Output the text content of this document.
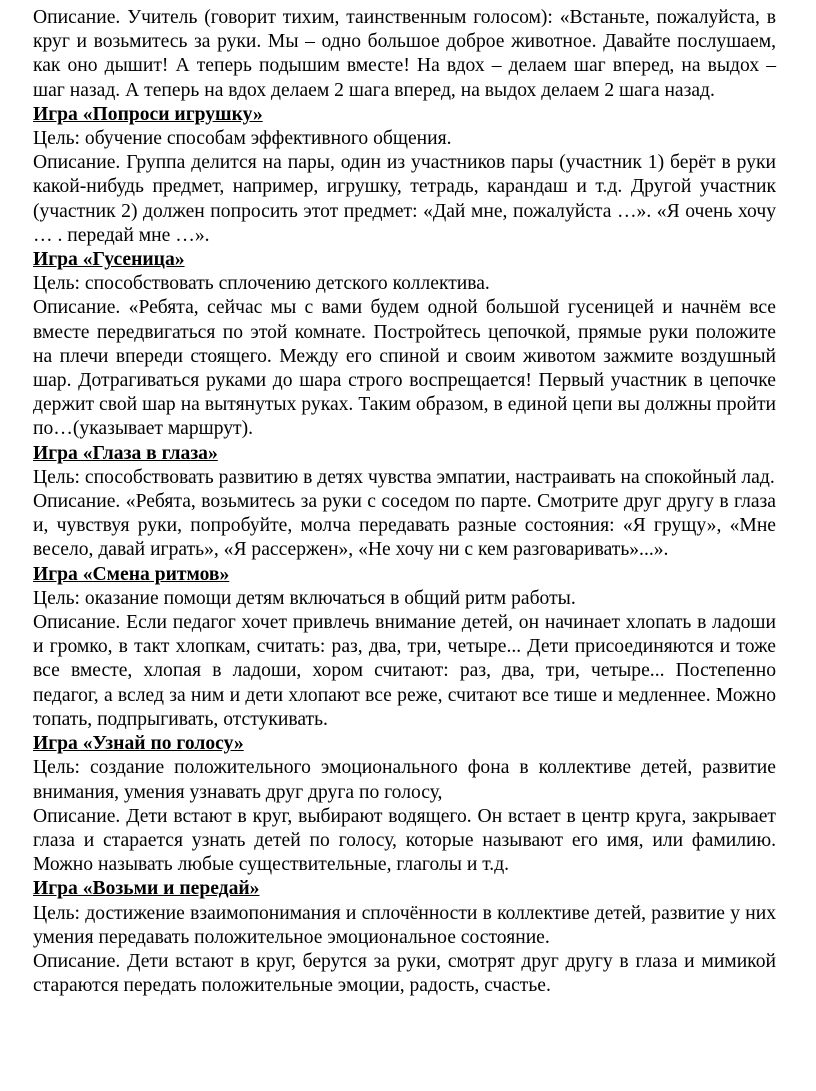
Описание. Учитель (говорит тихим, таинственным голосом): «Встаньте, пожалуйста, в круг и возьмитесь за руки. Мы – одно большое доброе животное. Давайте послушаем, как оно дышит! А теперь подышим вместе! На вдох – делаем шаг вперед, на выдох – шаг назад. А теперь на вдох делаем 2 шага вперед, на выдох делаем 2 шага назад.

Игра «Попроси игрушку»

Цель: обучение способам эффективного общения.

Описание. Группа делится на пары, один из участников пары (участник 1) берёт в руки какой-нибудь предмет, например, игрушку, тетрадь, карандаш и т.д. Другой участник (участник 2) должен попросить этот предмет: «Дай мне, пожалуйста …». «Я очень хочу … . передай мне …».

Игра «Гусеница»

Цель: способствовать сплочению детского коллектива.

Описание. «Ребята, сейчас мы с вами будем одной большой гусеницей и начнём все вместе передвигаться по этой комнате. Постройтесь цепочкой, прямые руки положите на плечи впереди стоящего. Между его спиной и своим животом зажмите воздушный шар. Дотрагиваться руками до шара строго воспрещается! Первый участник в цепочке держит свой шар на вытянутых руках. Таким образом, в единой цепи вы должны пройти по…(указывает маршрут).

Игра «Глаза в глаза»

Цель: способствовать развитию в детях чувства эмпатии, настраивать на спокойный лад.

Описание. «Ребята, возьмитесь за руки с соседом по парте. Смотрите друг другу в глаза и, чувствуя руки, попробуйте, молча передавать разные состояния: «Я грущу», «Мне весело, давай играть», «Я рассержен», «Не хочу ни с кем разговаривать»...».

Игра «Смена ритмов»

Цель: оказание помощи детям включаться в общий ритм работы.

Описание. Если педагог хочет привлечь внимание детей, он начинает хлопать в ладоши и громко, в такт хлопкам, считать: раз, два, три, четыре... Дети присоединяются и тоже все вместе, хлопая в ладоши, хором считают: раз, два, три, четыре... Постепенно педагог, а вслед за ним и дети хлопают все реже, считают все тише и медленнее. Можно топать, подпрыгивать, отстукивать.

Игра «Узнай по голосу»

Цель: создание положительного эмоционального фона в коллективе детей, развитие внимания, умения узнавать друг друга по голосу,

Описание. Дети встают в круг, выбирают водящего. Он встает в центр круга, закрывает глаза и старается узнать детей по голосу, которые называют его имя, или фамилию. Можно называть любые существительные, глаголы и т.д.

Игра «Возьми и передай»

Цель: достижение взаимопонимания и сплочённости в коллективе детей, развитие у них умения передавать положительное эмоциональное состояние.

Описание. Дети встают в круг, берутся за руки, смотрят друг другу в глаза и мимикой стараются передать положительные эмоции, радость, счастье.
